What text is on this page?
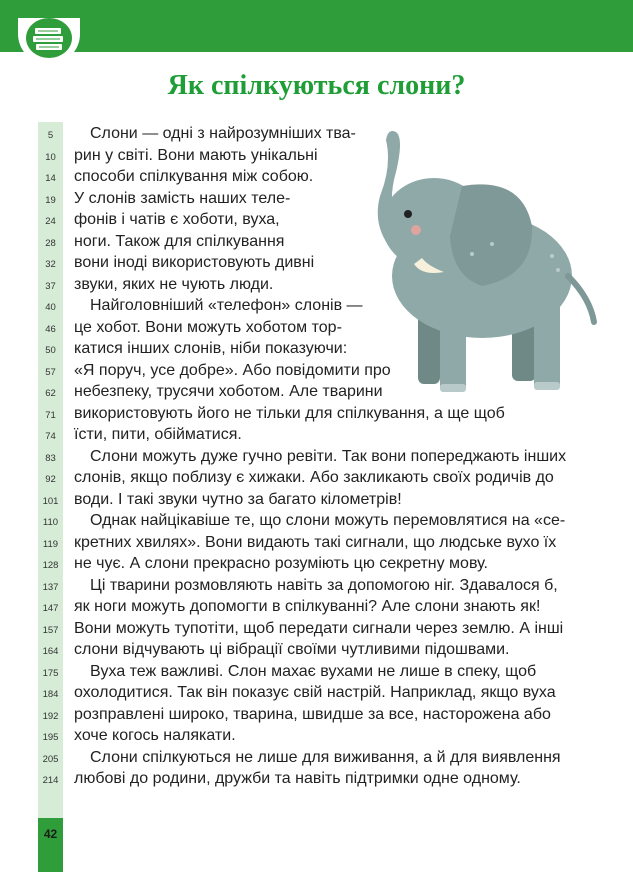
Як спілкуються слони?
42
5	Слони — одні з найрозумніших тва-
10	рин у світі. Вони мають унікальні
14	способи спілкування між собою.
19	У слонів замість наших теле-
24	фонів і чатів є хоботи, вуха,
28	ноги. Також для спілкування
32	вони іноді використовують дивні
37	звуки, яких не чують люди.
40	Найголовніший «телефон» слонів —
46	це хобот. Вони можуть хоботом тор-
50	катися інших слонів, ніби показуючи:
57	«Я поруч, усе добре». Або повідомити про
62	небезпеку, трусячи хоботом. Але тварини
71	використовують його не тільки для спілкування, а ще щоб
74	їсти, пити, обійматися.
83	Слони можуть дуже гучно ревіти. Так вони попереджають інших
92	слонів, якщо поблизу є хижаки. Або закликають своїх родичів до
101 води. І такі звуки чутно за багато кілометрів!
110	Однак найцікавіше те, що слони можуть перемовлятися на «се-
119 кретних хвилях». Вони видають такі сигнали, що людське вухо їх
128 не чує. А слони прекрасно розуміють цю секретну мову.
137	Ці тварини розмовляють навіть за допомогою ніг. Здавалося б,
147 як ноги можуть допомогти в спілкуванні? Але слони знають як!
157 Вони можуть тупотіти, щоб передати сигнали через землю. А інші
164 слони відчувають ці вібрації своїми чутливими підошвами.
175	Вуха теж важливі. Слон махає вухами не лише в спеку, щоб
184 охолодитися. Так він показує свій настрій. Наприклад, якщо вуха
192 розправлені широко, тварина, швидше за все, насторожена або
195 хоче когось налякати.
205	Слони спілкуються не лише для виживання, а й для виявлення
214 любові до родини, дружби та навіть підтримки одне одному.
